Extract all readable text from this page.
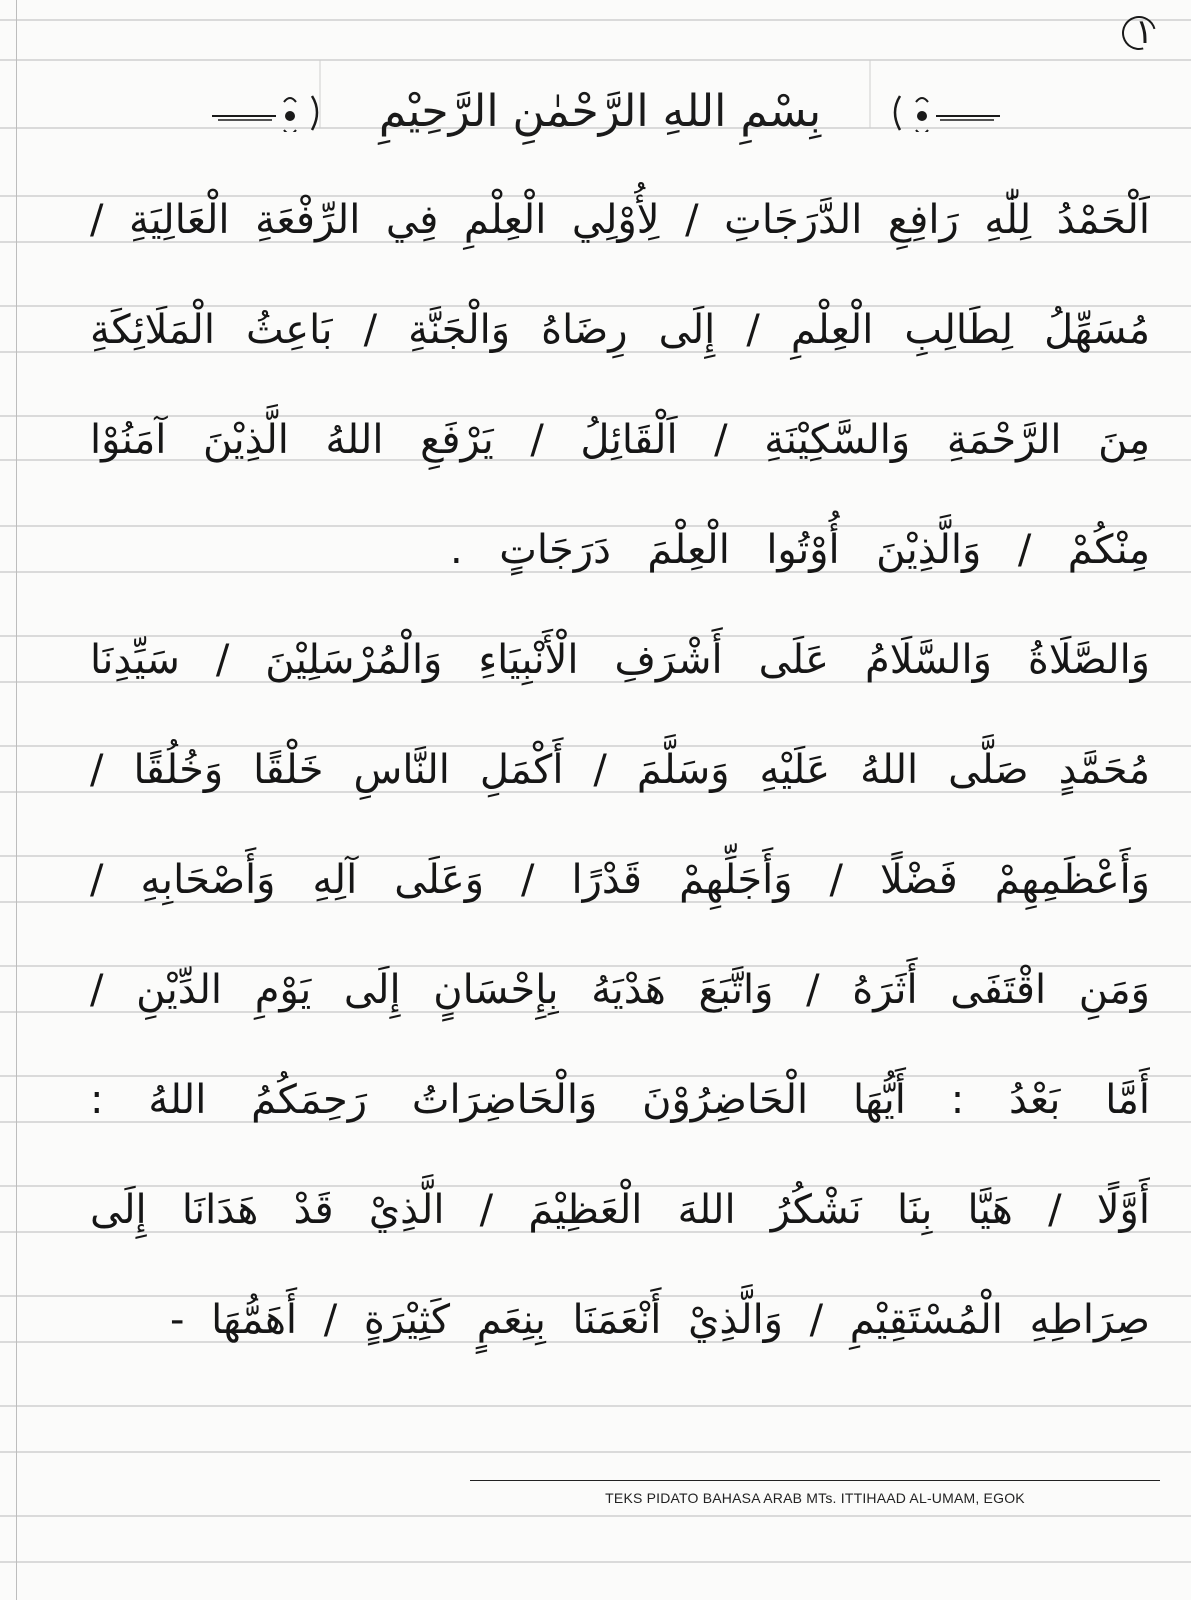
١
بِسْمِ اللهِ الرَّحْمٰنِ الرَّحِيْمِ
اَلْحَمْدُ لِلّٰهِ رَافِعِ الدَّرَجَاتِ / لِأُوْلِي الْعِلْمِ فِي الرِّفْعَةِ الْعَالِيَةِ /
مُسَهِّلُ لِطَالِبِ الْعِلْمِ / إِلَى رِضَاهُ وَالْجَنَّةِ / بَاعِثُ الْمَلَائِكَةِ
مِنَ الرَّحْمَةِ وَالسَّكِيْنَةِ / اَلْقَائِلُ / يَرْفَعِ اللهُ الَّذِيْنَ آمَنُوْا
مِنْكُمْ / وَالَّذِيْنَ أُوْتُوا الْعِلْمَ دَرَجَاتٍ .
وَالصَّلَاةُ وَالسَّلَامُ عَلَى أَشْرَفِ الْأَنْبِيَاءِ وَالْمُرْسَلِيْنَ / سَيِّدِنَا
مُحَمَّدٍ صَلَّى اللهُ عَلَيْهِ وَسَلَّمَ / أَكْمَلِ النَّاسِ خَلْقًا وَخُلُقًا /
وَأَعْظَمِهِمْ فَضْلًا / وَأَجَلِّهِمْ قَدْرًا / وَعَلَى آلِهِ وَأَصْحَابِهِ /
وَمَنِ اقْتَفَى أَثَرَهُ / وَاتَّبَعَ هَدْيَهُ بِإِحْسَانٍ إِلَى يَوْمِ الدِّيْنِ /
أَمَّا بَعْدُ : أَيُّهَا الْحَاضِرُوْنَ وَالْحَاضِرَاتُ رَحِمَكُمُ اللهُ :
أَوَّلًا / هَيَّا بِنَا نَشْكُرُ اللهَ الْعَظِيْمَ / الَّذِيْ قَدْ هَدَانَا إِلَى
صِرَاطِهِ الْمُسْتَقِيْمِ / وَالَّذِيْ أَنْعَمَنَا بِنِعَمٍ كَثِيْرَةٍ / أَهَمُّهَا -
TEKS PIDATO BAHASA ARAB MTs. ITTIHAAD AL-UMAM, EGOK
